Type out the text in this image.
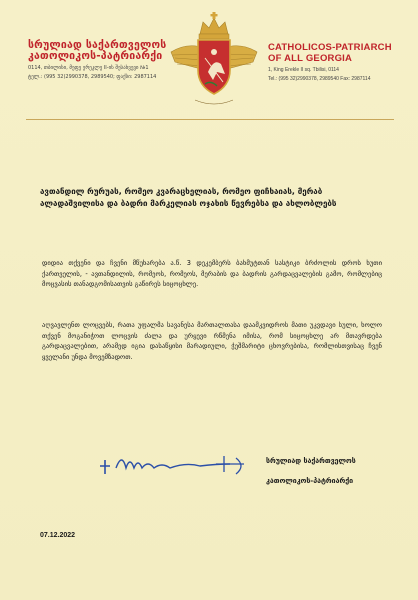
სრულიად საქართველოს
კათოლიკოს-პატრიარქი
0114, თბილისი, მეფე ერეკლე II-ის შესახვევი №1
ტელ.: (995 32)2990378, 2989540; ფაქსი: 2987114
CATHOLICOS-PATRIARCH
OF ALL GEORGIA
1, King Erekle II sq. Tbilisi, 0114
Tel.: (995 32)2990378, 2989540 Fax: 2987114
ავთანდილ რურუას, რომეო კვარაცხელიას, რომეო ფიჩხაიას, მერაბ ალადაშვილისა და ბადრი მარკელიას ოჯახის წევრებსა და ახლობლებს
დიდია თქვენი და ჩვენი მწუხარება ა.წ. 3 დეკემბერს ბახმუტთან სასტიკი ბრძოლის დროს ხუთი ქართველის, - ავთანდილის, რომეოს, რომეოს, მერაბის და ბადრის გარდაცვალების გამო, რომლებიც მოცვასის თანადგომისათვის გაწირეს სიცოცხლე.
აღვავლენთ ლოცვებს, რათა უფალმა სავანესა მართალთასა დაამკვიდროს მათი უკვდავი სული, ხოლო თქვენ მოგანიჭოთ ლოცვის ძალა და ურყევი რწმენა იმისა, რომ სიცოცხლე არ მთავრდება გარდაცვალებით, არამედ იგია დასაწყისი მარადიული, ჭეშმარიტი ცხოვრებისა, რომლისთვისაც ჩვენ ყველანი უნდა მოვემზადოთ.
სრულიად საქართველოს
კათოლიკოს-პატრიარქი
07.12.2022
